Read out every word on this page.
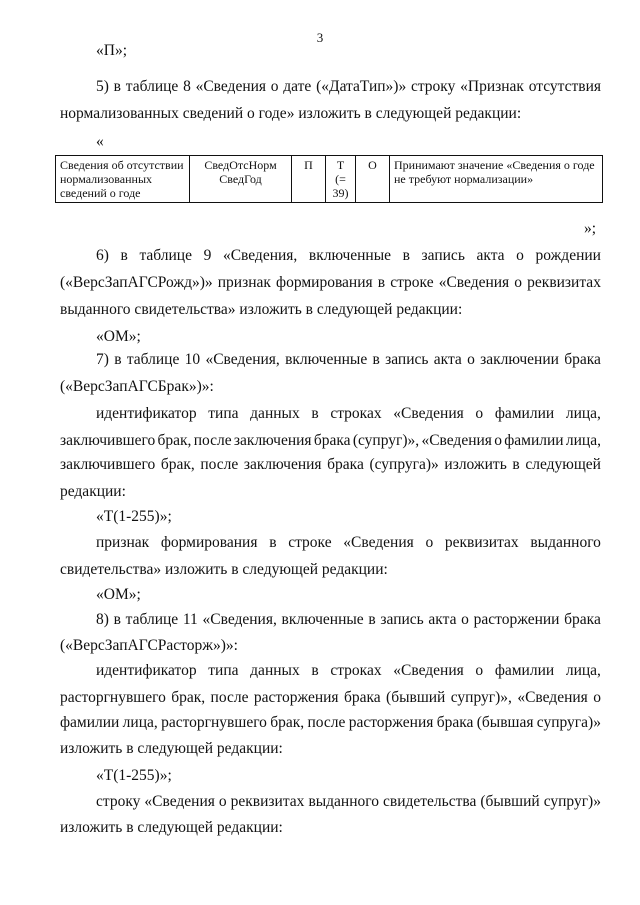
3
«П»;
5) в таблице 8 «Сведения о дате («ДатаТип»)» строку «Признак отсутствия
нормализованных сведений о годе» изложить в следующей редакции:
«
Сведения об отсутствии нормализованных сведений о годе	СведОтсНорм СведГод	П	Т (= 39)	О	Принимают значение «Сведения о годе не требуют нормализации»
»;
6) в таблице 9 «Сведения, включенные в запись акта о рождении
(«ВерсЗапАГСРожд»)» признак формирования в строке «Сведения о реквизитах
выданного свидетельства» изложить в следующей редакции:
«ОМ»;
7) в таблице 10 «Сведения, включенные в запись акта о заключении брака
(«ВерсЗапАГСБрак»)»:
идентификатор типа данных в строках «Сведения о фамилии лица,
заключившего брак, после заключения брака (супруг)», «Сведения о фамилии лица,
заключившего брак, после заключения брака (супруга)» изложить в следующей
редакции:
«Т(1-255)»;
признак формирования в строке «Сведения о реквизитах выданного
свидетельства» изложить в следующей редакции:
«ОМ»;
8) в таблице 11 «Сведения, включенные в запись акта о расторжении брака
(«ВерсЗапАГСРасторж»)»:
идентификатор типа данных в строках «Сведения о фамилии лица,
расторгнувшего брак, после расторжения брака (бывший супруг)», «Сведения о
фамилии лица, расторгнувшего брак, после расторжения брака (бывшая супруга)»
изложить в следующей редакции:
«Т(1-255)»;
строку «Сведения о реквизитах выданного свидетельства (бывший супруг)»
изложить в следующей редакции:
